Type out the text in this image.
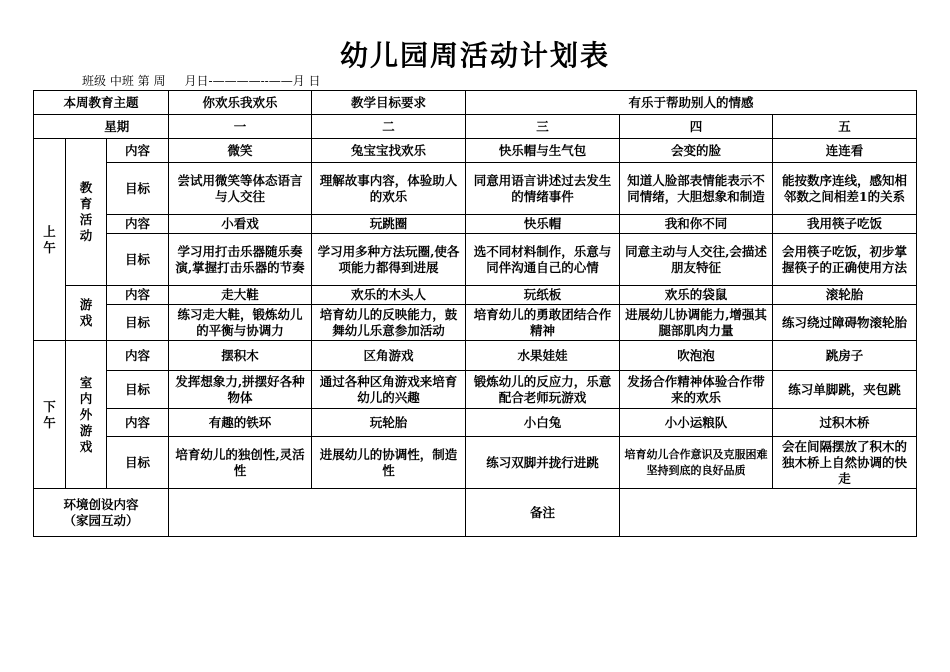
幼儿园周活动计划表
班级 中班 第 周 月日-————--——月 日
本周教育主题			你欢乐我欢乐	教学目标要求	有乐于帮助别人的情感		
	星期		一	二	三	四	五
上
午	教
育
活
动	内容	微笑	兔宝宝找欢乐	快乐帽与生气包	会变的脸	连连看
		目标	尝试用微笑等体态语言与人交往	理解故事内容，体验助人的欢乐	同意用语言讲述过去发生的情绪事件	知道人脸部表情能表示不同情绪，大胆想象和制造	能按数序连线，感知相邻数之间相差1的关系
		内容	小看戏	玩跳圈	快乐帽	我和你不同	我用筷子吃饭
		目标	学习用打击乐器随乐奏演,掌握打击乐器的节奏	学习用多种方法玩圈,使各项能力都得到进展	选不同材料制作，乐意与同伴沟通自己的心情	同意主动与人交往,会描述朋友特征	会用筷子吃饭，初步掌握筷子的正确使用方法
	游
戏	内容	走大鞋	欢乐的木头人	玩纸板	欢乐的袋鼠	滚轮胎
		目标	练习走大鞋，锻炼幼儿的平衡与协调力	培育幼儿的反映能力，鼓舞幼儿乐意参加活动	培育幼儿的勇敢团结合作精神	进展幼儿协调能力,增强其腿部肌肉力量	练习绕过障碍物滚轮胎
下
午	室
内
外
游
戏	内容	摆积木	区角游戏	水果娃娃	吹泡泡	跳房子
		目标	发挥想象力,拼摆好各种物体	通过各种区角游戏来培育幼儿的兴趣	锻炼幼儿的反应力，乐意配合老师玩游戏	发扬合作精神体验合作带来的欢乐	练习单脚跳，夹包跳
		内容	有趣的铁环	玩轮胎	小白兔	小小运粮队	过积木桥
		目标	培育幼儿的独创性,灵活性	进展幼儿的协调性，制造性	练习双脚并拢行进跳	培育幼儿合作意识及克服困难坚持到底的良好品质	会在间隔摆放了积木的独木桥上自然协调的快走
环境创设内容
（家园互动）					备注		
